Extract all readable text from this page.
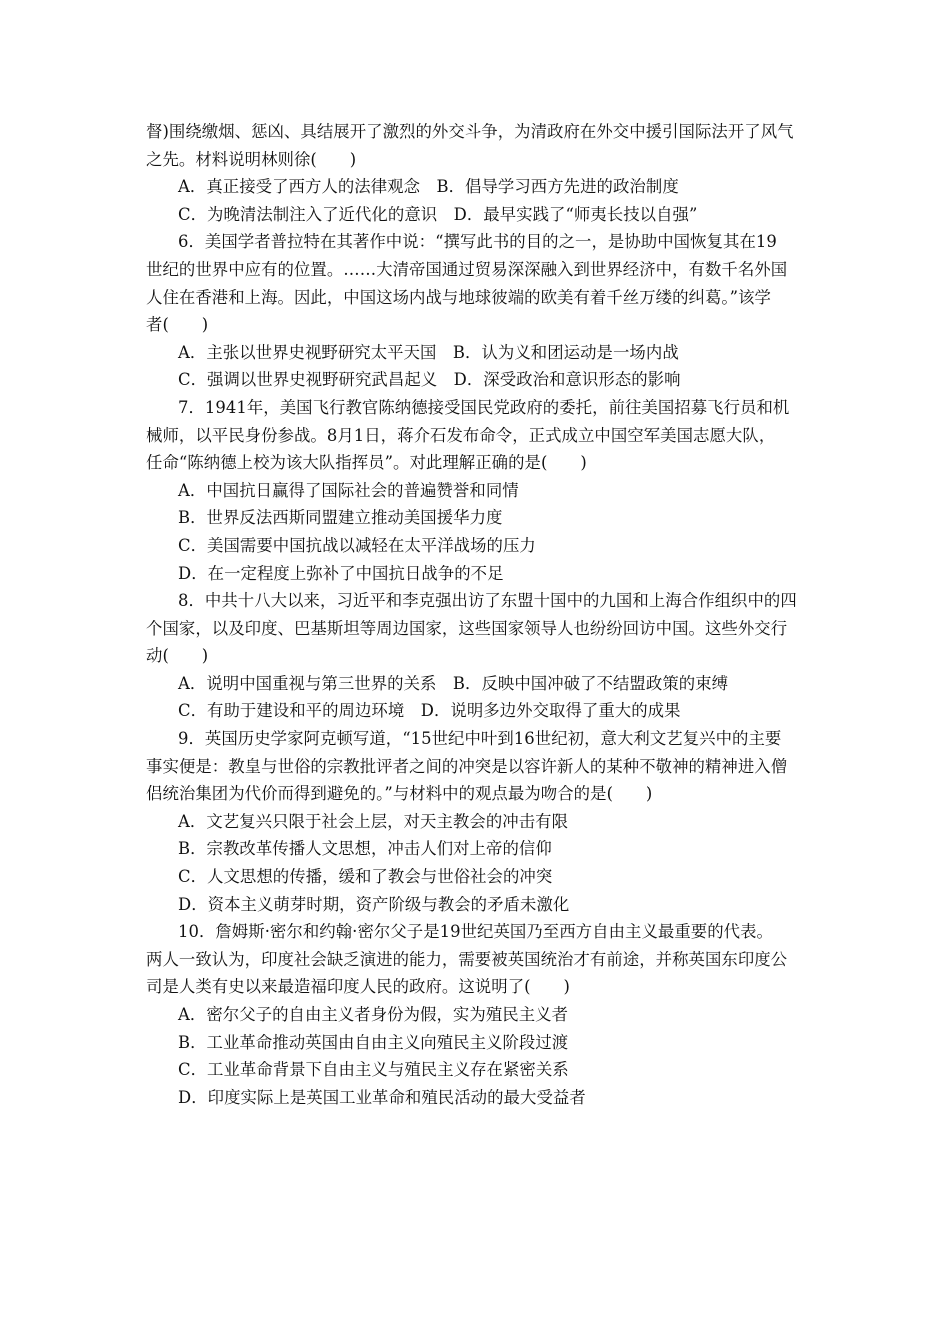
督)围绕缴烟、惩凶、具结展开了激烈的外交斗争，为清政府在外交中援引国际法开了风气
之先。材料说明林则徐(　　)
A．真正接受了西方人的法律观念　B．倡导学习西方先进的政治制度
C．为晚清法制注入了近代化的意识　D．最早实践了“师夷长技以自强”
6．美国学者普拉特在其著作中说：“撰写此书的目的之一，是协助中国恢复其在19
世纪的世界中应有的位置。……大清帝国通过贸易深深融入到世界经济中，有数千名外国
人住在香港和上海。因此，中国这场内战与地球彼端的欧美有着千丝万缕的纠葛。”该学
者(　　)
A．主张以世界史视野研究太平天国　B．认为义和团运动是一场内战
C．强调以世界史视野研究武昌起义　D．深受政治和意识形态的影响
7．1941年，美国飞行教官陈纳德接受国民党政府的委托，前往美国招募飞行员和机
械师，以平民身份参战。8月1日，蒋介石发布命令，正式成立中国空军美国志愿大队，
任命“陈纳德上校为该大队指挥员”。对此理解正确的是(　　)
A．中国抗日赢得了国际社会的普遍赞誉和同情
B．世界反法西斯同盟建立推动美国援华力度
C．美国需要中国抗战以减轻在太平洋战场的压力
D．在一定程度上弥补了中国抗日战争的不足
8．中共十八大以来，习近平和李克强出访了东盟十国中的九国和上海合作组织中的四
个国家，以及印度、巴基斯坦等周边国家，这些国家领导人也纷纷回访中国。这些外交行
动(　　)
A．说明中国重视与第三世界的关系　B．反映中国冲破了不结盟政策的束缚
C．有助于建设和平的周边环境　D．说明多边外交取得了重大的成果
9．英国历史学家阿克顿写道，“15世纪中叶到16世纪初，意大利文艺复兴中的主要
事实便是：教皇与世俗的宗教批评者之间的冲突是以容许新人的某种不敬神的精神进入僧
侣统治集团为代价而得到避免的。”与材料中的观点最为吻合的是(　　)
A．文艺复兴只限于社会上层，对天主教会的冲击有限
B．宗教改革传播人文思想，冲击人们对上帝的信仰
C．人文思想的传播，缓和了教会与世俗社会的冲突
D．资本主义萌芽时期，资产阶级与教会的矛盾未激化
10．詹姆斯·密尔和约翰·密尔父子是19世纪英国乃至西方自由主义最重要的代表。
两人一致认为，印度社会缺乏演进的能力，需要被英国统治才有前途，并称英国东印度公
司是人类有史以来最造福印度人民的政府。这说明了(　　)
A．密尔父子的自由主义者身份为假，实为殖民主义者
B．工业革命推动英国由自由主义向殖民主义阶段过渡
C．工业革命背景下自由主义与殖民主义存在紧密关系
D．印度实际上是英国工业革命和殖民活动的最大受益者
